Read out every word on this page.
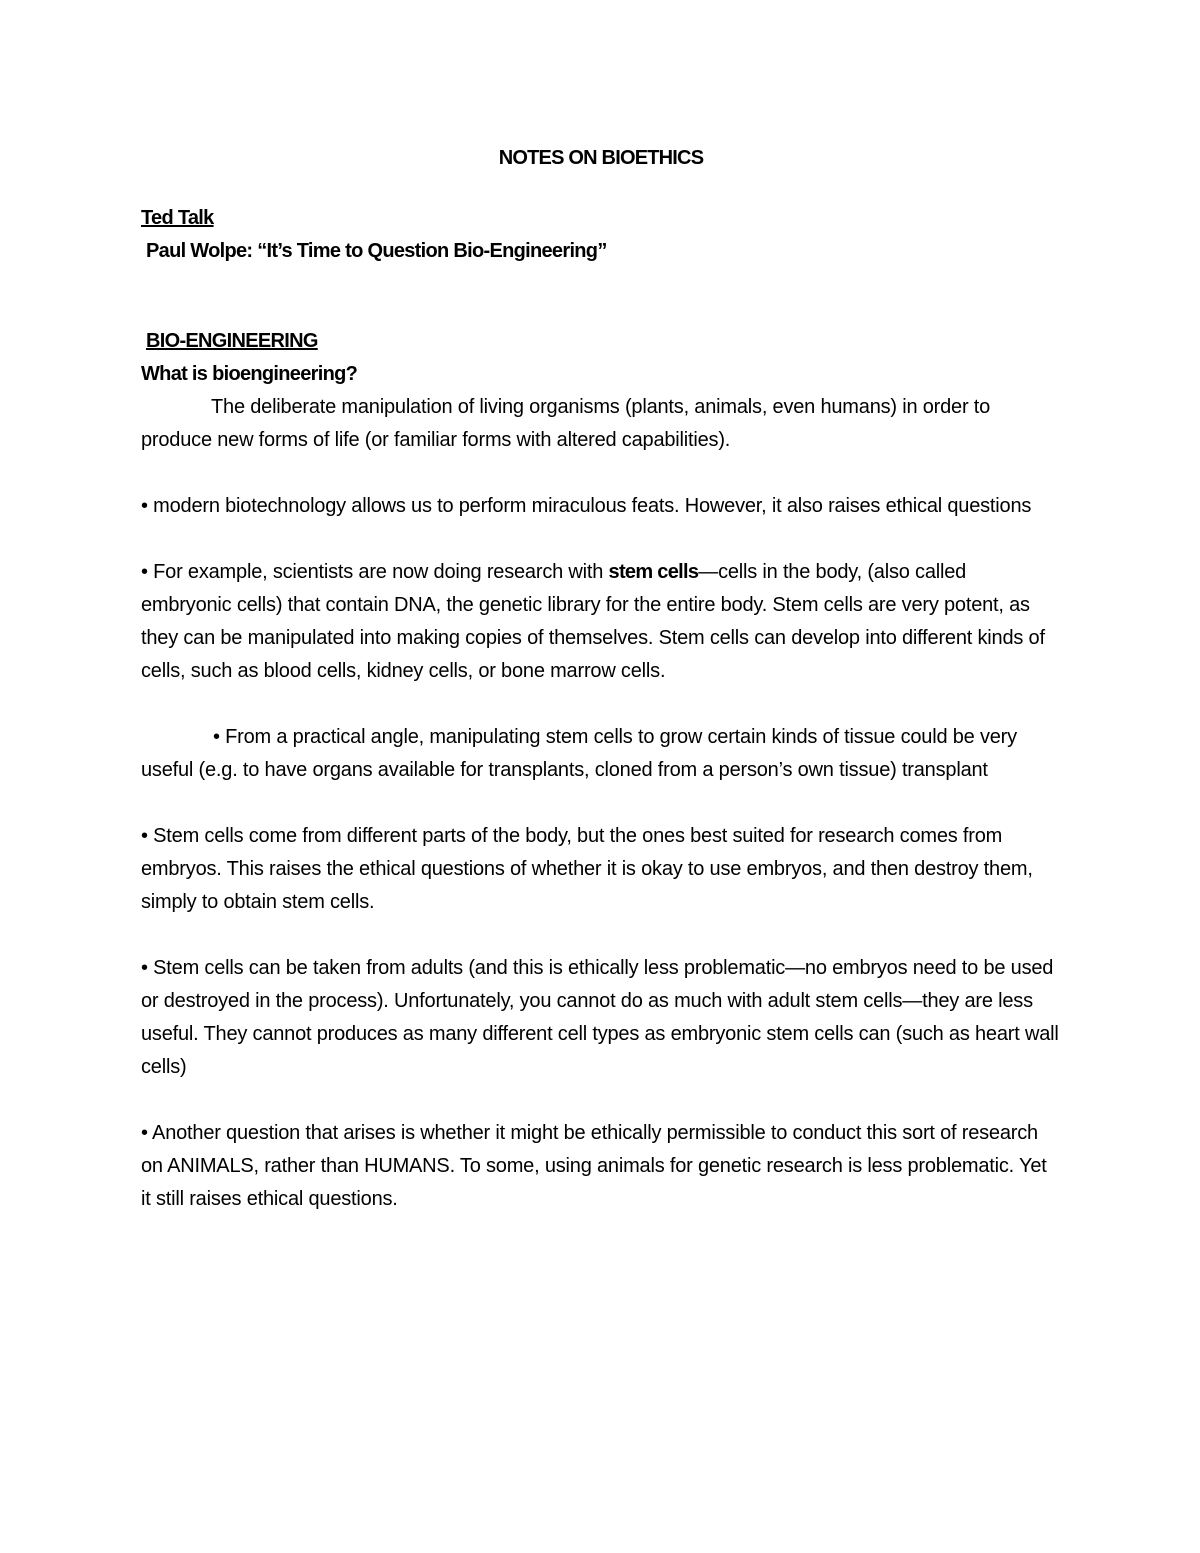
NOTES ON BIOETHICS

Ted Talk

Paul Wolpe: “It’s Time to Question Bio-Engineering”

BIO-ENGINEERING

What is bioengineering?

The deliberate manipulation of living organisms (plants, animals, even humans) in order to produce new forms of life (or familiar forms with altered capabilities).

• modern biotechnology allows us to perform miraculous feats. However, it also raises ethical questions

• For example, scientists are now doing research with stem cells—cells in the body, (also called embryonic cells) that contain DNA, the genetic library for the entire body. Stem cells are very potent, as they can be manipulated into making copies of themselves. Stem cells can develop into different kinds of cells, such as blood cells, kidney cells, or bone marrow cells.

• From a practical angle, manipulating stem cells to grow certain kinds of tissue could be very useful (e.g. to have organs available for transplants, cloned from a person’s own tissue) transplant

• Stem cells come from different parts of the body, but the ones best suited for research comes from embryos. This raises the ethical questions of whether it is okay to use embryos, and then destroy them, simply to obtain stem cells.

• Stem cells can be taken from adults (and this is ethically less problematic—no embryos need to be used or destroyed in the process). Unfortunately, you cannot do as much with adult stem cells—they are less useful. They cannot produces as many different cell types as embryonic stem cells can (such as heart wall cells)

• Another question that arises is whether it might be ethically permissible to conduct this sort of research on ANIMALS, rather than HUMANS. To some, using animals for genetic research is less problematic. Yet it still raises ethical questions.
